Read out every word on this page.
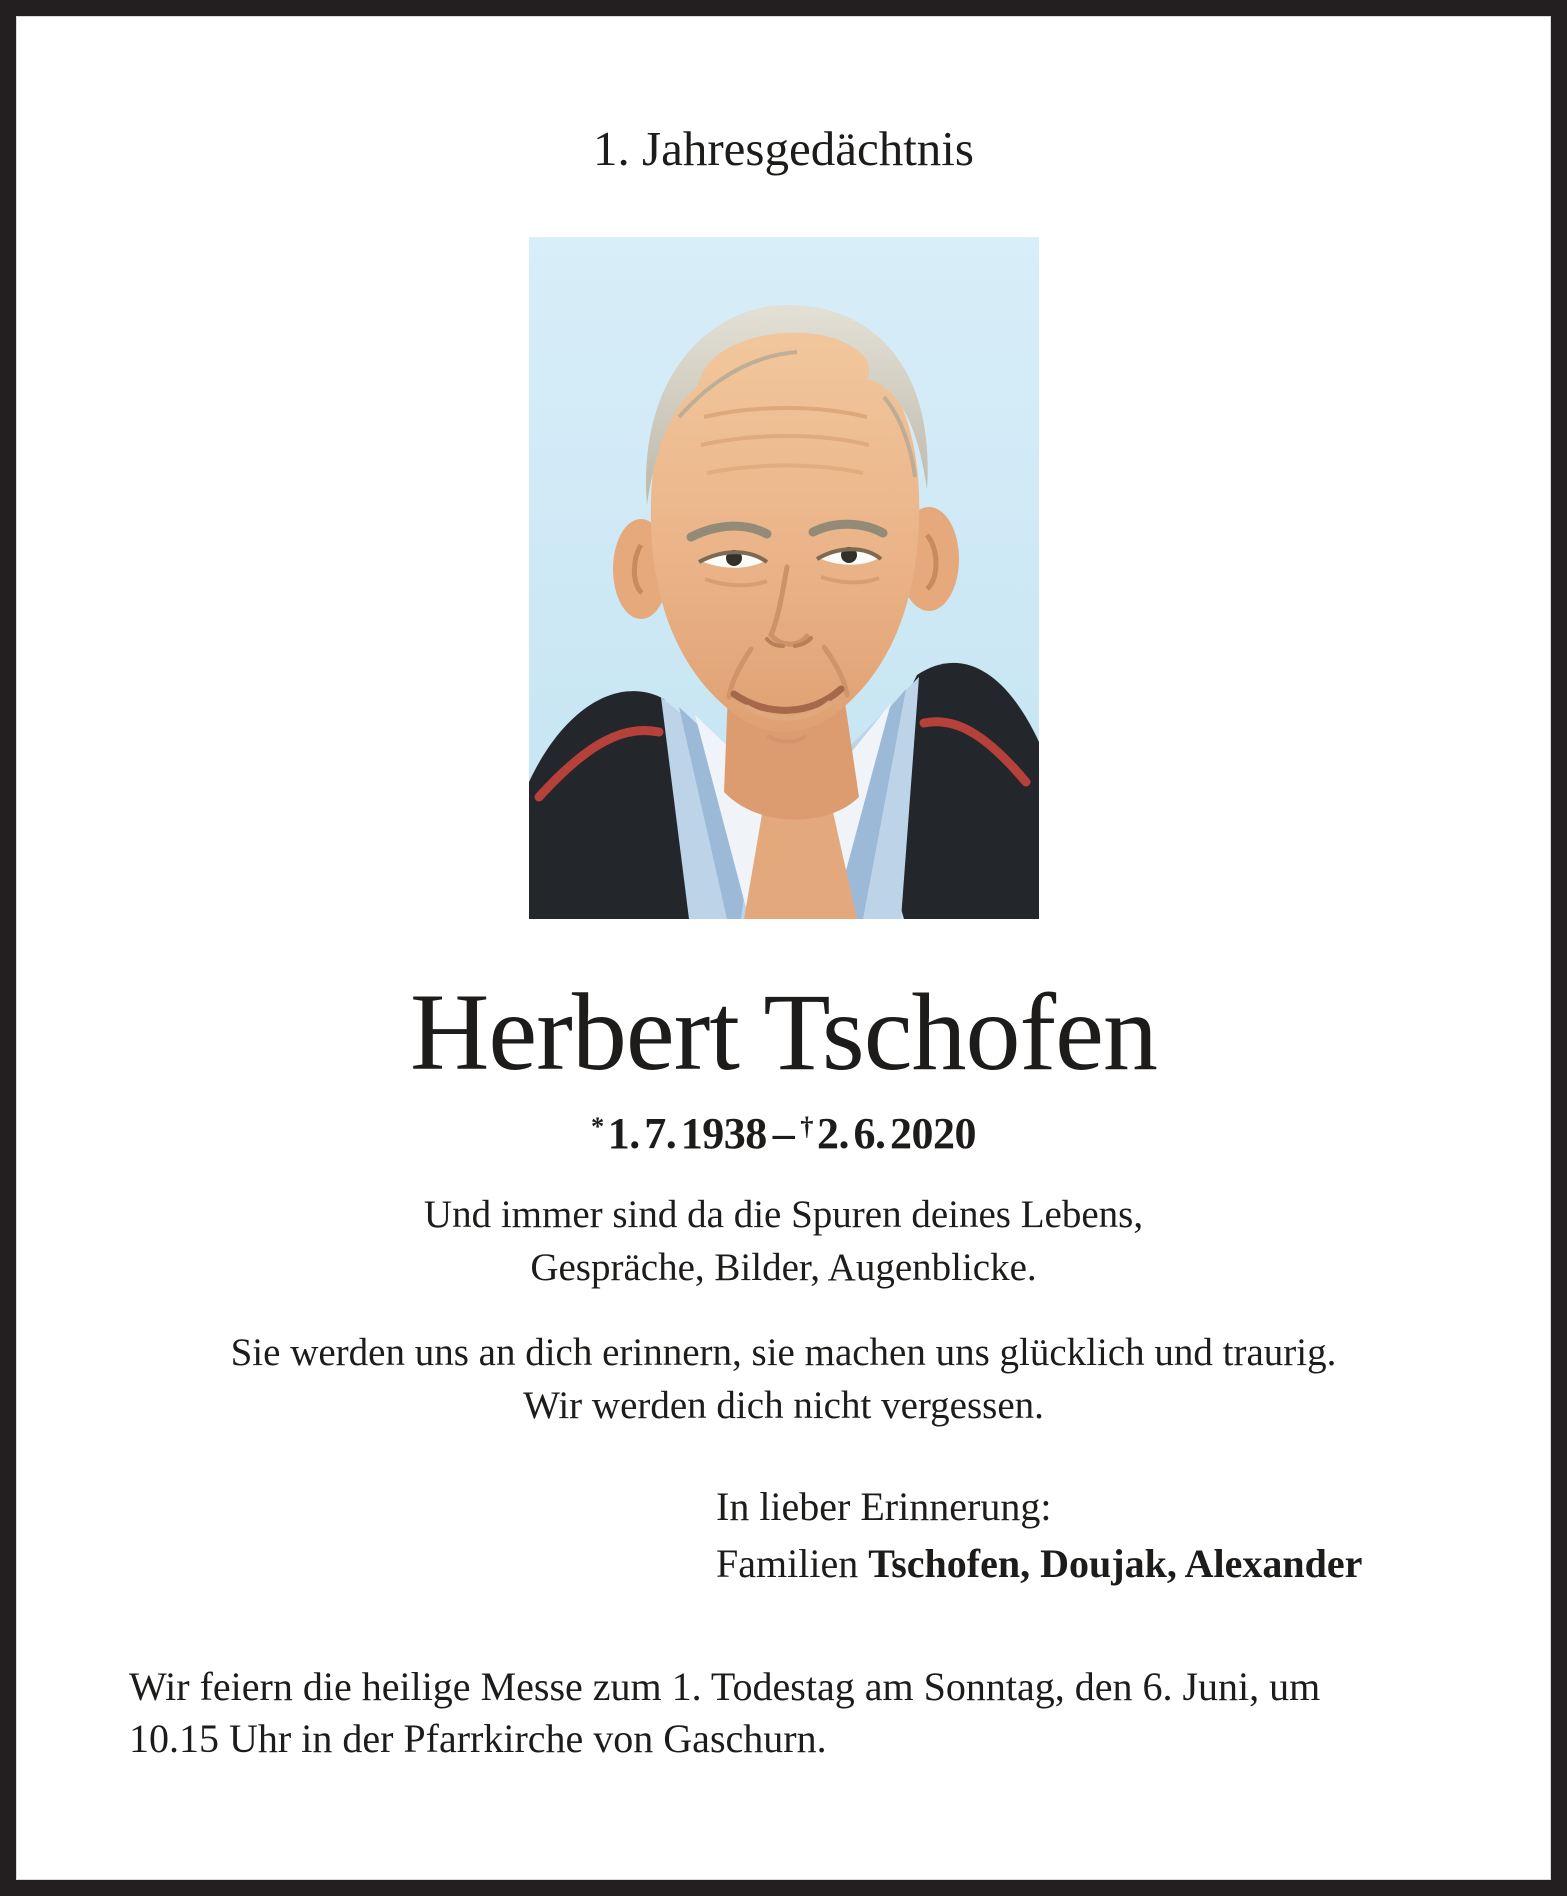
1. Jahresgedächtnis
Herbert Tschofen
*1. 7. 1938 – †2. 6. 2020
Und immer sind da die Spuren deines Lebens,
Gespräche, Bilder, Augenblicke.
Sie werden uns an dich erinnern, sie machen uns glücklich und traurig.
Wir werden dich nicht vergessen.
In lieber Erinnerung:
Familien Tschofen, Doujak, Alexander
Wir feiern die heilige Messe zum 1. Todestag am Sonntag, den 6. Juni, um
10.15 Uhr in der Pfarrkirche von Gaschurn.
